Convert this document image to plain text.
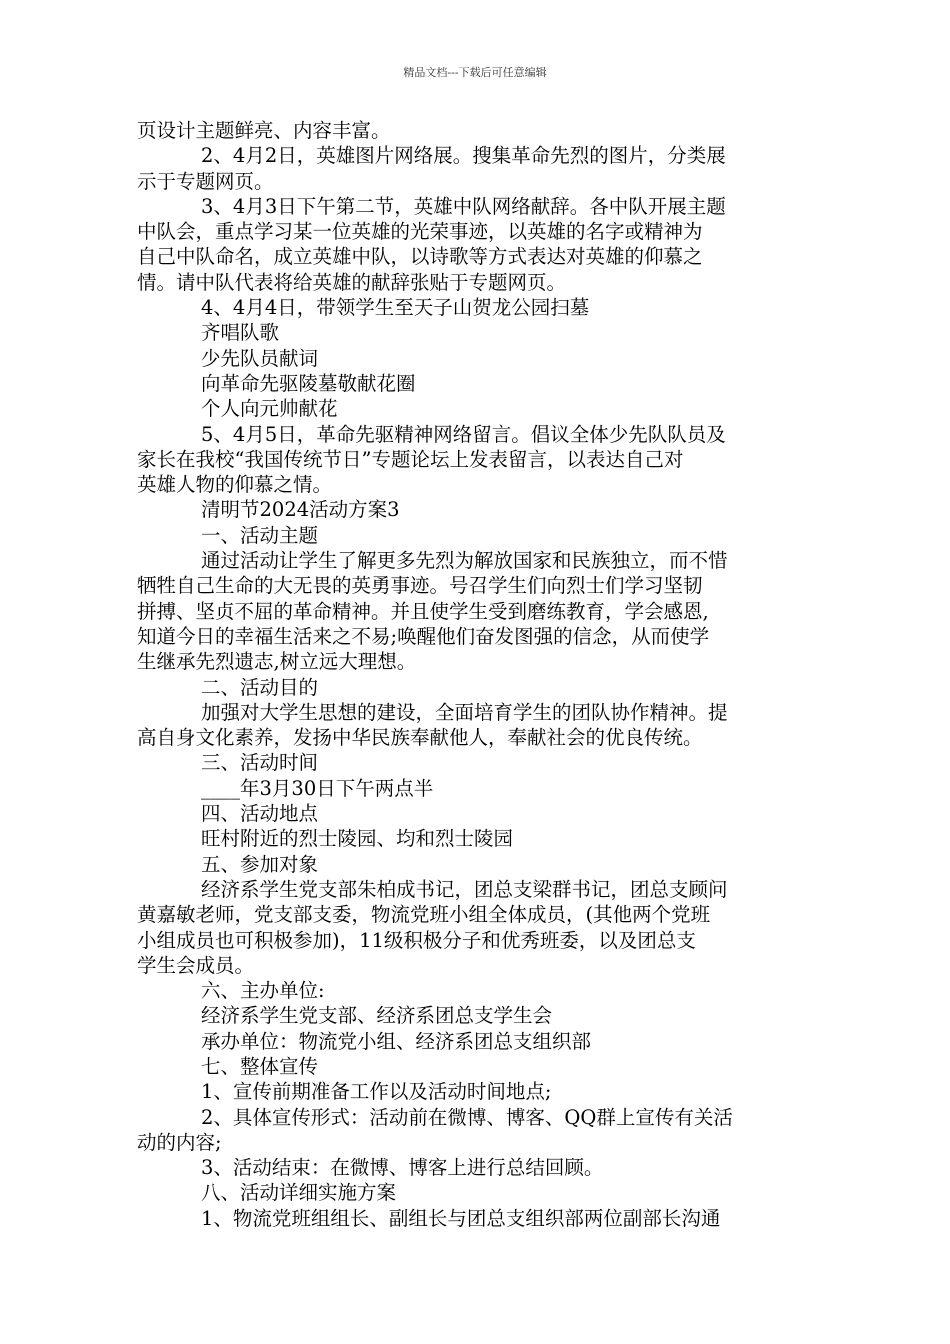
精品文档---下载后可任意编辑

页设计主题鲜亮、内容丰富。

2、4月2日，英雄图片网络展。搜集革命先烈的图片，分类展

示于专题网页。

3、4月3日下午第二节，英雄中队网络献辞。各中队开展主题

中队会，重点学习某一位英雄的光荣事迹，以英雄的名字或精神为

自己中队命名，成立英雄中队，以诗歌等方式表达对英雄的仰慕之

情。请中队代表将给英雄的献辞张贴于专题网页。

4、4月4日，带领学生至天子山贺龙公园扫墓

齐唱队歌

少先队员献词

向革命先驱陵墓敬献花圈

个人向元帅献花

5、4月5日，革命先驱精神网络留言。倡议全体少先队队员及

家长在我校“我国传统节日”专题论坛上发表留言，以表达自己对

英雄人物的仰慕之情。

清明节2024活动方案3

一、活动主题

通过活动让学生了解更多先烈为解放国家和民族独立，而不惜

牺牲自己生命的大无畏的英勇事迹。号召学生们向烈士们学习坚韧

拼搏、坚贞不屈的革命精神。并且使学生受到磨练教育，学会感恩,

知道今日的幸福生活来之不易;唤醒他们奋发图强的信念，从而使学

生继承先烈遗志,树立远大理想。

二、活动目的

加强对大学生思想的建设，全面培育学生的团队协作精神。提

高自身文化素养，发扬中华民族奉献他人，奉献社会的优良传统。

三、活动时间

____年3月30日下午两点半

四、活动地点

旺村附近的烈士陵园、均和烈士陵园

五、参加对象

经济系学生党支部朱柏成书记，团总支梁群书记，团总支顾问

黄嘉敏老师，党支部支委，物流党班小组全体成员，(其他两个党班

小组成员也可积极参加)，11级积极分子和优秀班委，以及团总支

学生会成员。

六、主办单位:

经济系学生党支部、经济系团总支学生会

承办单位：物流党小组、经济系团总支组织部

七、整体宣传

1、宣传前期准备工作以及活动时间地点;

2、具体宣传形式：活动前在微博、博客、QQ群上宣传有关活

动的内容;

3、活动结束：在微博、博客上进行总结回顾。

八、活动详细实施方案

1、物流党班组组长、副组长与团总支组织部两位副部长沟通
